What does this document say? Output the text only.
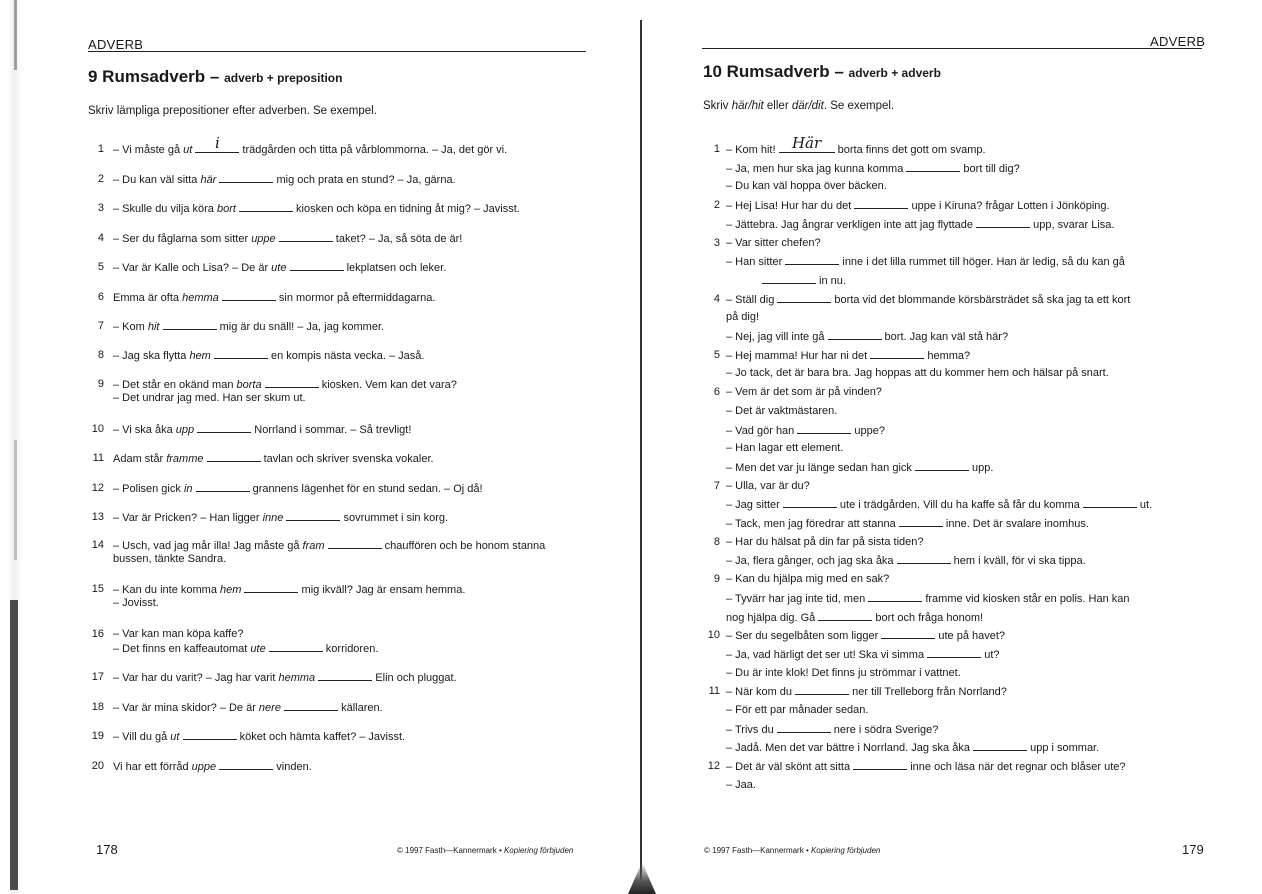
ADVERB
9 Rumsadverb – adverb + preposition
Skriv lämpliga prepositioner efter adverben. Se exempel.
1 – Vi måste gå ut	i	trädgården och titta på vårblommorna. – Ja, det gör vi.
2 – Du kan väl sitta här	mig och prata en stund? – Ja, gärna.
3 – Skulle du vilja köra bort	kiosken och köpa en tidning åt mig? – Javisst.
4 – Ser du fåglarna som sitter uppe	taket? – Ja, så söta de är!
5 – Var är Kalle och Lisa? – De är ute	lekplatsen och leker.
6 Emma är ofta hemma	sin mormor på eftermiddagarna.
7 – Kom hit	mig är du snäll! – Ja, jag kommer.
8 – Jag ska flytta hem	en kompis nästa vecka. – Jaså.
9 – Det står en okänd man borta	kiosken. Vem kan det vara?
– Det undrar jag med. Han ser skum ut.
10 – Vi ska åka upp	Norrland i sommar. – Så trevligt!
11 Adam står framme	tavlan och skriver svenska vokaler.
12 – Polisen gick in	grannens lägenhet för en stund sedan. – Oj då!
13 – Var är Pricken? – Han ligger inne	sovrummet i sin korg.
14 – Usch, vad jag mår illa! Jag måste gå fram	chauffören och be honom stanna
bussen, tänkte Sandra.
15 – Kan du inte komma hem	mig ikväll? Jag är ensam hemma.
– Jovisst.
16 – Var kan man köpa kaffe?
– Det finns en kaffeautomat ute	korridoren.
17 – Var har du varit? – Jag har varit hemma	Elin och pluggat.
18 – Var är mina skidor? – De är nere	källaren.
19 – Vill du gå ut	köket och hämta kaffet? – Javisst.
20 Vi har ett förråd uppe	vinden.
178	© 1997 Fasth—Kannermark • Kopiering förbjuden
ADVERB
10 Rumsadverb – adverb + adverb
Skriv här/hit eller där/dit. Se exempel.
1 – Kom hit! Här	borta finns det gott om svamp.
– Ja, men hur ska jag kunna komma	bort till dig?
– Du kan väl hoppa över bäcken.
2 – Hej Lisa! Hur har du det	uppe i Kiruna? frågar Lotten i Jönköping.
– Jättebra. Jag ångrar verkligen inte att jag flyttade	upp, svarar Lisa.
3 – Var sitter chefen?
– Han sitter	inne i det lilla rummet till höger. Han är ledig, så du kan gå
in nu.
4 – Ställ dig	borta vid det blommande körsbärsträdet så ska jag ta ett kort
på dig!
– Nej, jag vill inte gå	bort. Jag kan väl stå här?
5 – Hej mamma! Hur har ni det	hemma?
– Jo tack, det är bara bra. Jag hoppas att du kommer hem och hälsar på snart.
6 – Vem är det som är på vinden?
– Det är vaktmästaren.
– Vad gör han	uppe?
– Han lagar ett element.
– Men det var ju länge sedan han gick	upp.
7 – Ulla, var är du?
– Jag sitter	ute i trädgården. Vill du ha kaffe så får du komma	ut.
– Tack, men jag föredrar att stanna	inne. Det är svalare inomhus.
8 – Har du hälsat på din far på sista tiden?
– Ja, flera gånger, och jag ska åka	hem i kväll, för vi ska tippa.
9 – Kan du hjälpa mig med en sak?
– Tyvärr har jag inte tid, men	framme vid kiosken står en polis. Han kan
nog hjälpa dig. Gå	bort och fråga honom!
10 – Ser du segelbåten som ligger	ute på havet?
– Ja, vad härligt det ser ut! Ska vi simma	ut?
– Du är inte klok! Det finns ju strömmar i vattnet.
11 – När kom du	ner till Trelleborg från Norrland?
– För ett par månader sedan.
– Trivs du	nere i södra Sverige?
– Jadå. Men det var bättre i Norrland. Jag ska åka	upp i sommar.
12 – Det är väl skönt att sitta	inne och läsa när det regnar och blåser ute?
– Jaa.
179
© 1997 Fasth—Kannermark • Kopiering förbjuden
